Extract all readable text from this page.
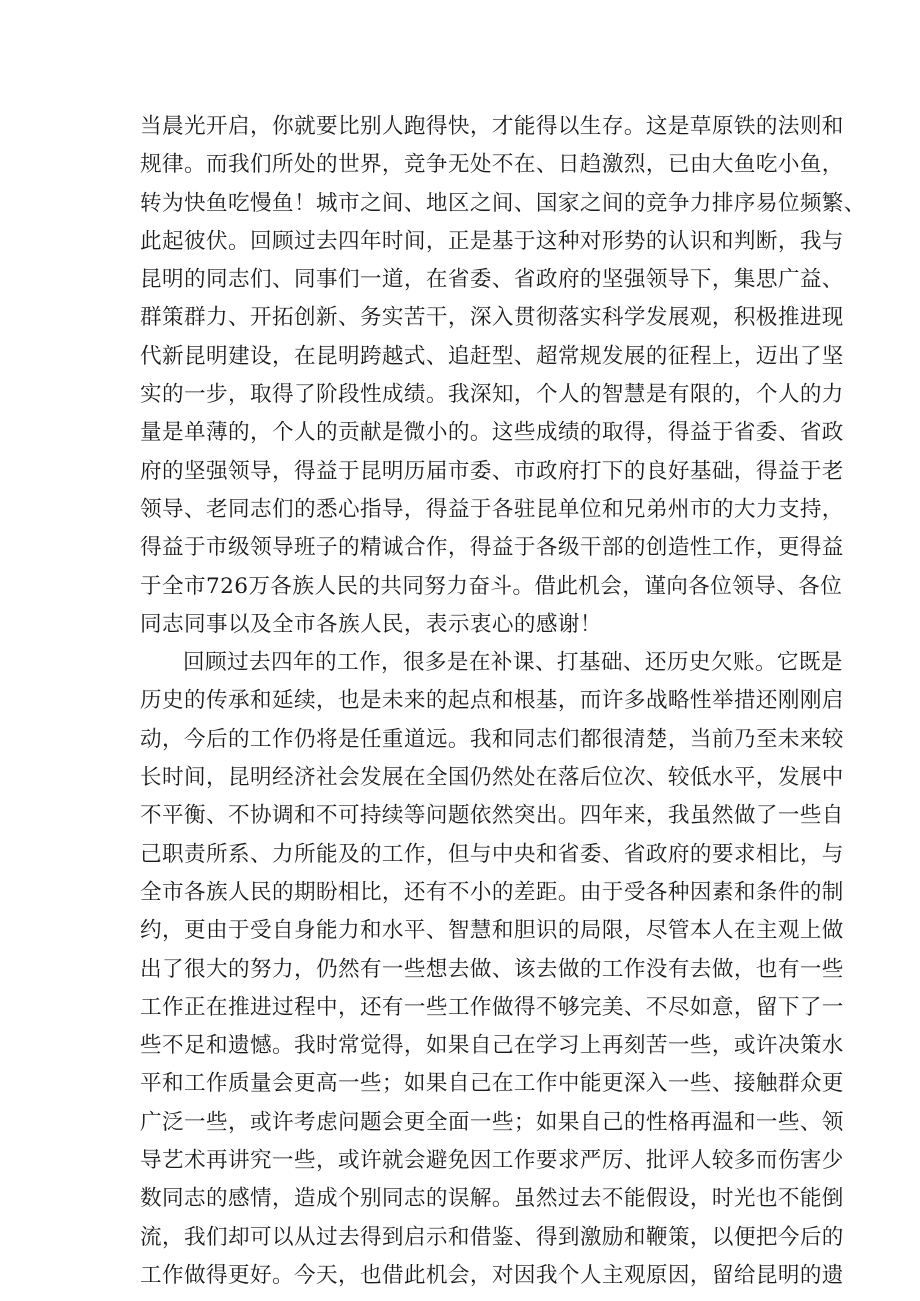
当晨光开启，你就要比别人跑得快，才能得以生存。这是草原铁的法则和
规律。而我们所处的世界，竞争无处不在、日趋激烈，已由大鱼吃小鱼，
转为快鱼吃慢鱼！城市之间、地区之间、国家之间的竞争力排序易位频繁、
此起彼伏。回顾过去四年时间，正是基于这种对形势的认识和判断，我与
昆明的同志们、同事们一道，在省委、省政府的坚强领导下，集思广益、
群策群力、开拓创新、务实苦干，深入贯彻落实科学发展观，积极推进现
代新昆明建设，在昆明跨越式、追赶型、超常规发展的征程上，迈出了坚
实的一步，取得了阶段性成绩。我深知，个人的智慧是有限的，个人的力
量是单薄的，个人的贡献是微小的。这些成绩的取得，得益于省委、省政
府的坚强领导，得益于昆明历届市委、市政府打下的良好基础，得益于老
领导、老同志们的悉心指导，得益于各驻昆单位和兄弟州市的大力支持，
得益于市级领导班子的精诚合作，得益于各级干部的创造性工作，更得益
于全市726万各族人民的共同努力奋斗。借此机会，谨向各位领导、各位
同志同事以及全市各族人民，表示衷心的感谢！
回顾过去四年的工作，很多是在补课、打基础、还历史欠账。它既是
历史的传承和延续，也是未来的起点和根基，而许多战略性举措还刚刚启
动，今后的工作仍将是任重道远。我和同志们都很清楚，当前乃至未来较
长时间，昆明经济社会发展在全国仍然处在落后位次、较低水平，发展中
不平衡、不协调和不可持续等问题依然突出。四年来，我虽然做了一些自
己职责所系、力所能及的工作，但与中央和省委、省政府的要求相比，与
全市各族人民的期盼相比，还有不小的差距。由于受各种因素和条件的制
约，更由于受自身能力和水平、智慧和胆识的局限，尽管本人在主观上做
出了很大的努力，仍然有一些想去做、该去做的工作没有去做，也有一些
工作正在推进过程中，还有一些工作做得不够完美、不尽如意，留下了一
些不足和遗憾。我时常觉得，如果自己在学习上再刻苦一些，或许决策水
平和工作质量会更高一些；如果自己在工作中能更深入一些、接触群众更
广泛一些，或许考虑问题会更全面一些；如果自己的性格再温和一些、领
导艺术再讲究一些，或许就会避免因工作要求严厉、批评人较多而伤害少
数同志的感情，造成个别同志的误解。虽然过去不能假设，时光也不能倒
流，我们却可以从过去得到启示和借鉴、得到激励和鞭策，以便把今后的
工作做得更好。今天，也借此机会，对因我个人主观原因，留给昆明的遗
